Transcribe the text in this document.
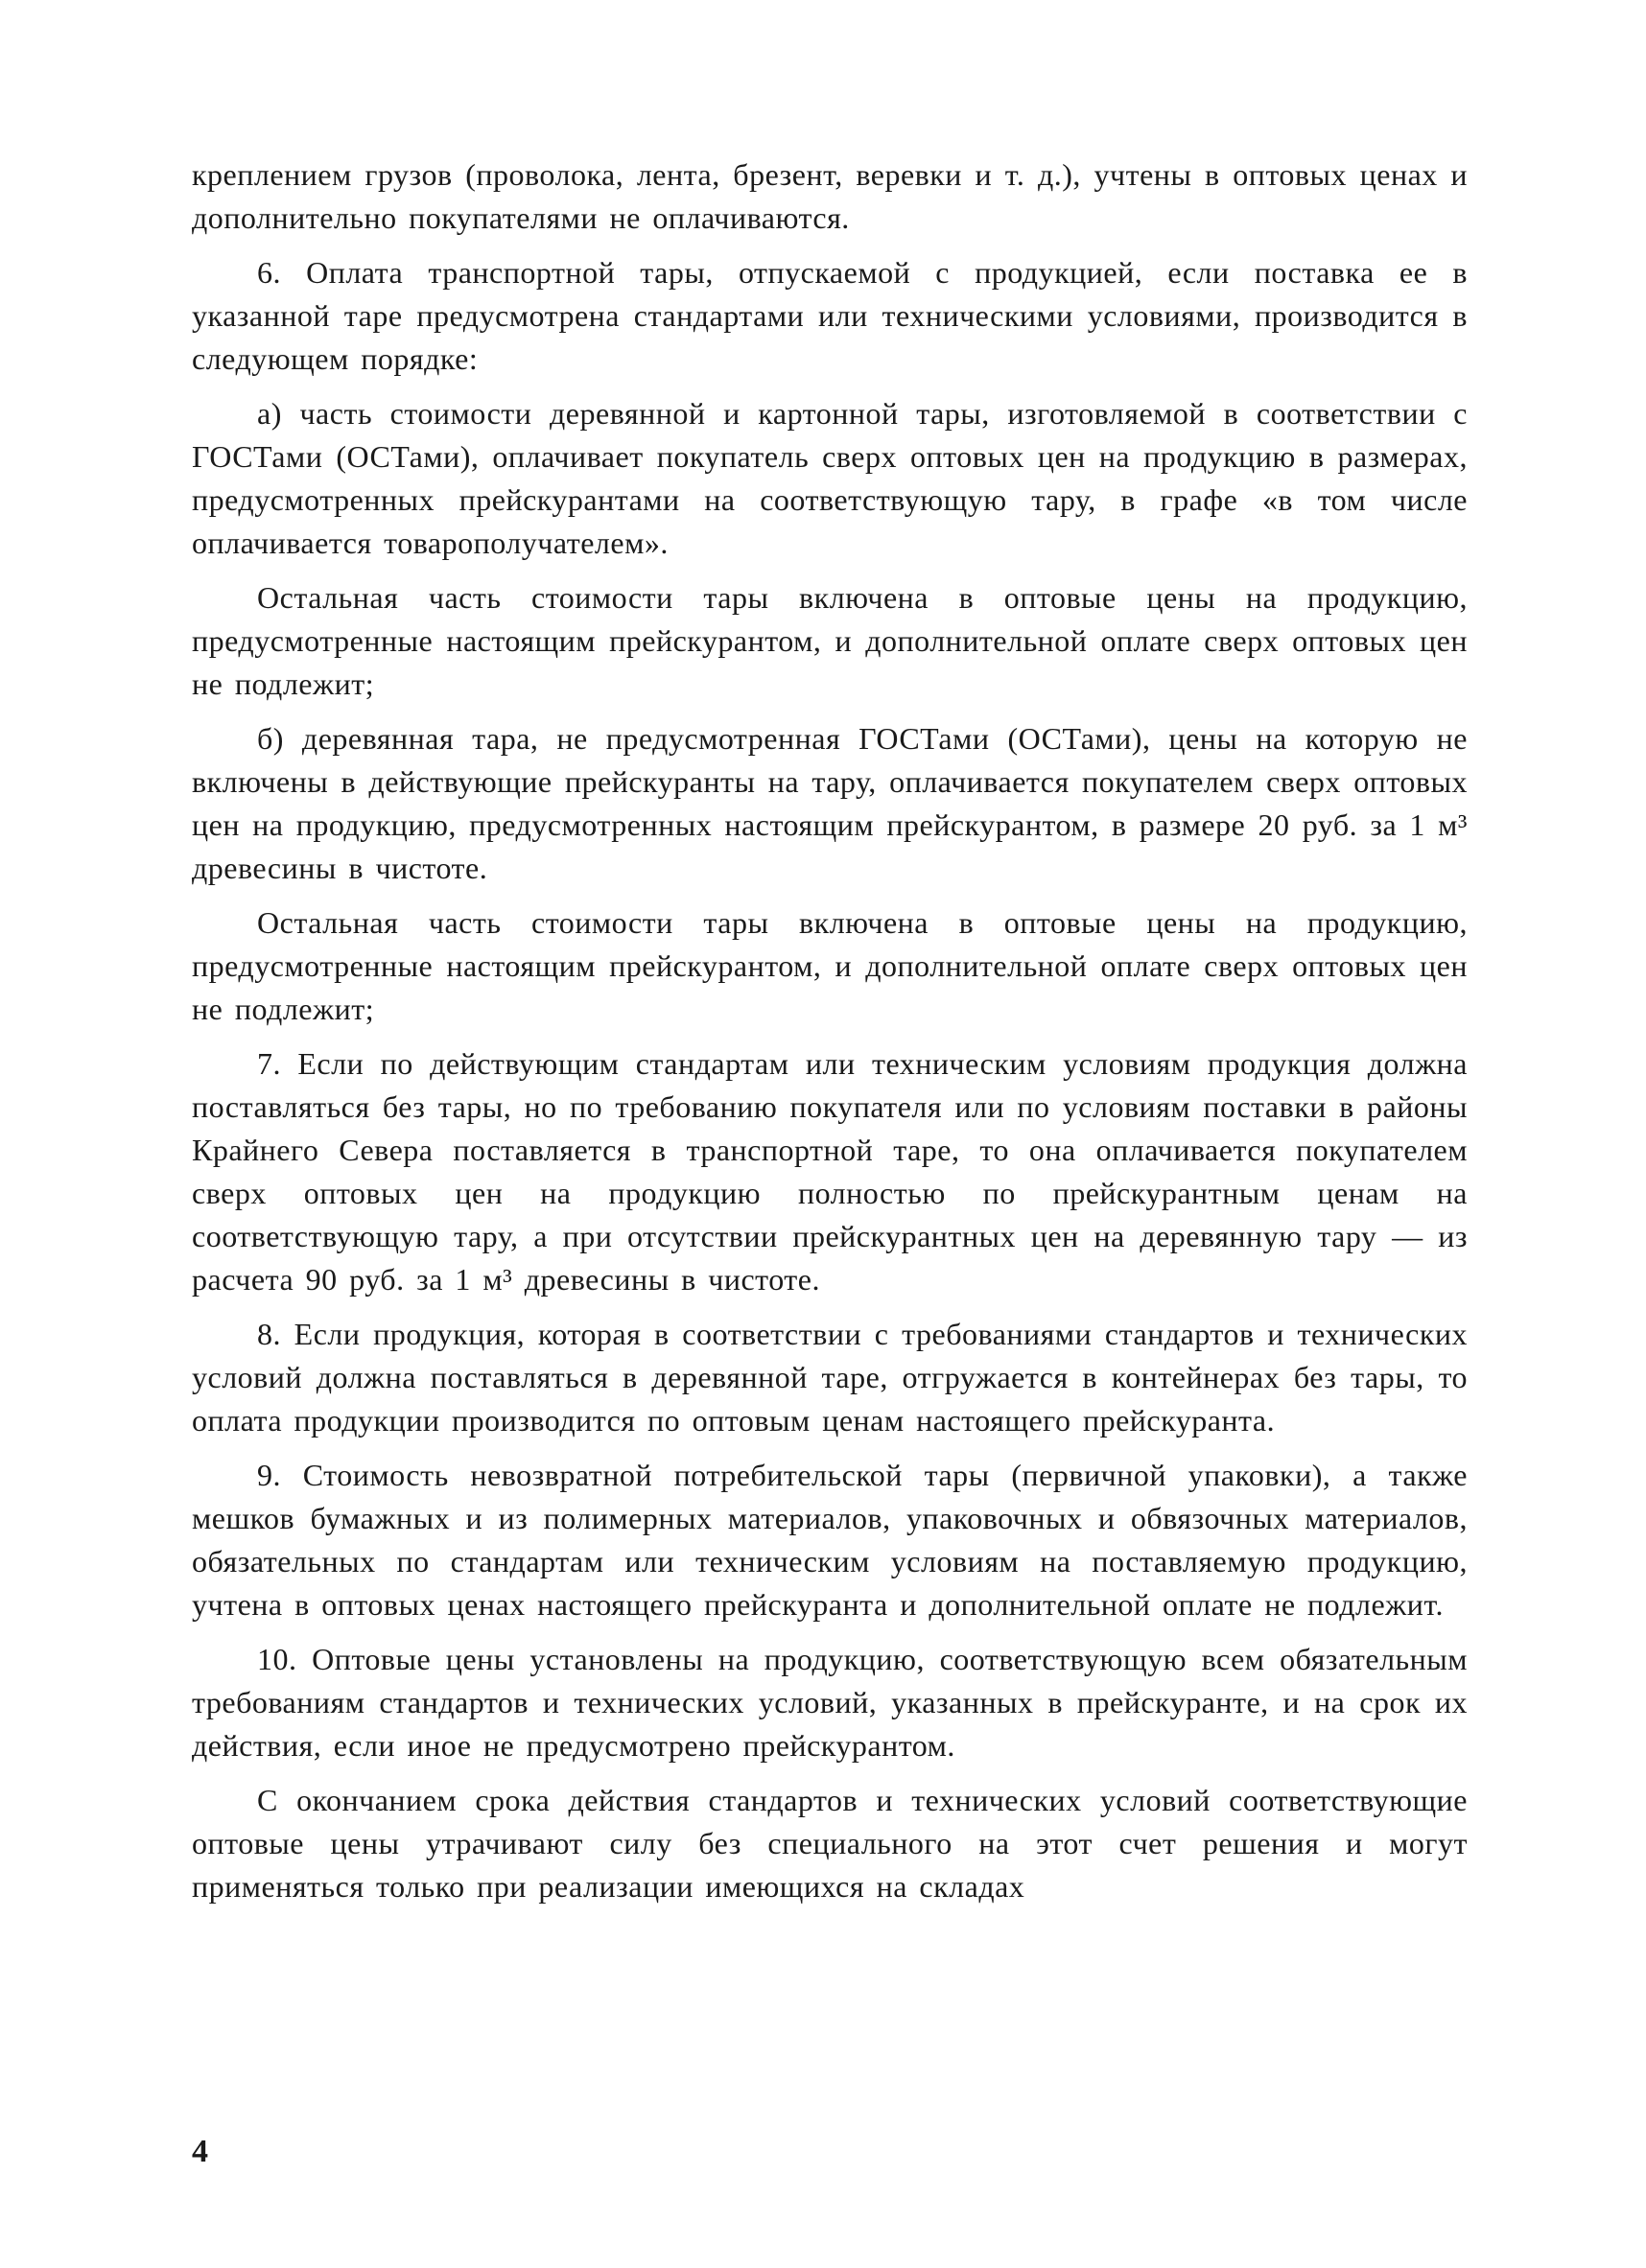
креплением грузов (проволока, лента, брезент, веревки и т. д.), учтены в оптовых ценах и дополнительно покупателями не оплачиваются.

6. Оплата транспортной тары, отпускаемой с продукцией, если поставка ее в указанной таре предусмотрена стандартами или техническими условиями, производится в следующем порядке:

а) часть стоимости деревянной и картонной тары, изготовляемой в соответствии с ГОСТами (ОСТами), оплачивает покупатель сверх оптовых цен на продукцию в размерах, предусмотренных прейскурантами на соответствующую тару, в графе «в том числе оплачивается товарополучателем».

Остальная часть стоимости тары включена в оптовые цены на продукцию, предусмотренные настоящим прейскурантом, и дополнительной оплате сверх оптовых цен не подлежит;

б) деревянная тара, не предусмотренная ГОСТами (ОСТами), цены на которую не включены в действующие прейскуранты на тару, оплачивается покупателем сверх оптовых цен на продукцию, предусмотренных настоящим прейскурантом, в размере 20 руб. за 1 м³ древесины в чистоте.

Остальная часть стоимости тары включена в оптовые цены на продукцию, предусмотренные настоящим прейскурантом, и дополнительной оплате сверх оптовых цен не подлежит;

7. Если по действующим стандартам или техническим условиям продукция должна поставляться без тары, но по требованию покупателя или по условиям поставки в районы Крайнего Севера поставляется в транспортной таре, то она оплачивается покупателем сверх оптовых цен на продукцию полностью по прейскурантным ценам на соответствующую тару, а при отсутствии прейскурантных цен на деревянную тару — из расчета 90 руб. за 1 м³ древесины в чистоте.

8. Если продукция, которая в соответствии с требованиями стандартов и технических условий должна поставляться в деревянной таре, отгружается в контейнерах без тары, то оплата продукции производится по оптовым ценам настоящего прейскуранта.

9. Стоимость невозвратной потребительской тары (первичной упаковки), а также мешков бумажных и из полимерных материалов, упаковочных и обвязочных материалов, обязательных по стандартам или техническим условиям на поставляемую продукцию, учтена в оптовых ценах настоящего прейскуранта и дополнительной оплате не подлежит.

10. Оптовые цены установлены на продукцию, соответствующую всем обязательным требованиям стандартов и технических условий, указанных в прейскуранте, и на срок их действия, если иное не предусмотрено прейскурантом.

С окончанием срока действия стандартов и технических условий соответствующие оптовые цены утрачивают силу без специального на этот счет решения и могут применяться только при реализации имеющихся на складах

4
